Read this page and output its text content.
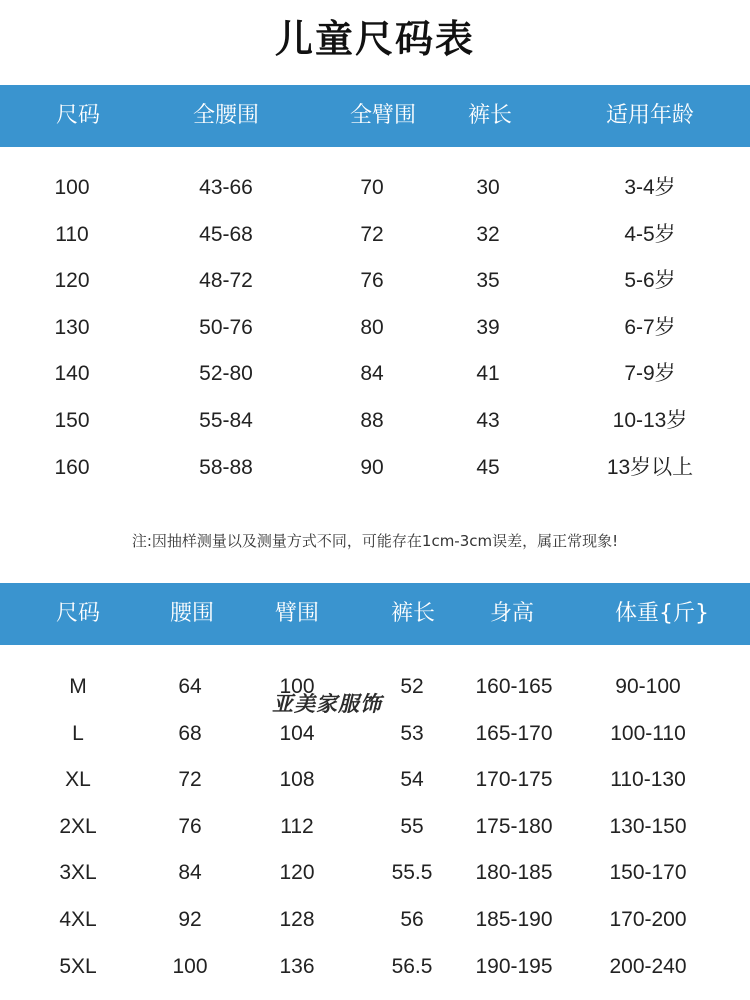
儿童尺码表
尺码	全腰围	全臂围 裤长	适用年龄
100	43-66	70	30	3-4岁
110	45-68	72	32	4-5岁
120	48-72	76	35	5-6岁
130	50-76	80	39	6-7岁
140	52-80	84	41	7-9岁
150	55-84	88	43	10-13岁
160	58-88	90	45	13岁以上
注:因抽样测量以及测量方式不同，可能存在1cm-3cm误差，属正常现象!
尺码	腰围	臂围	裤长 身高	体重{斤}
M	64	100	52 160-165	90-100
L	68	104	53 165-170	100-110
XL	72	108	54 170-175	110-130
2XL	76	112	55 175-180	130-150
3XL	84	120	55.5 180-185	150-170
4XL	92	128	56 185-190	170-200
5XL	100	136	56.5 190-195	200-240
亚美家服饰
